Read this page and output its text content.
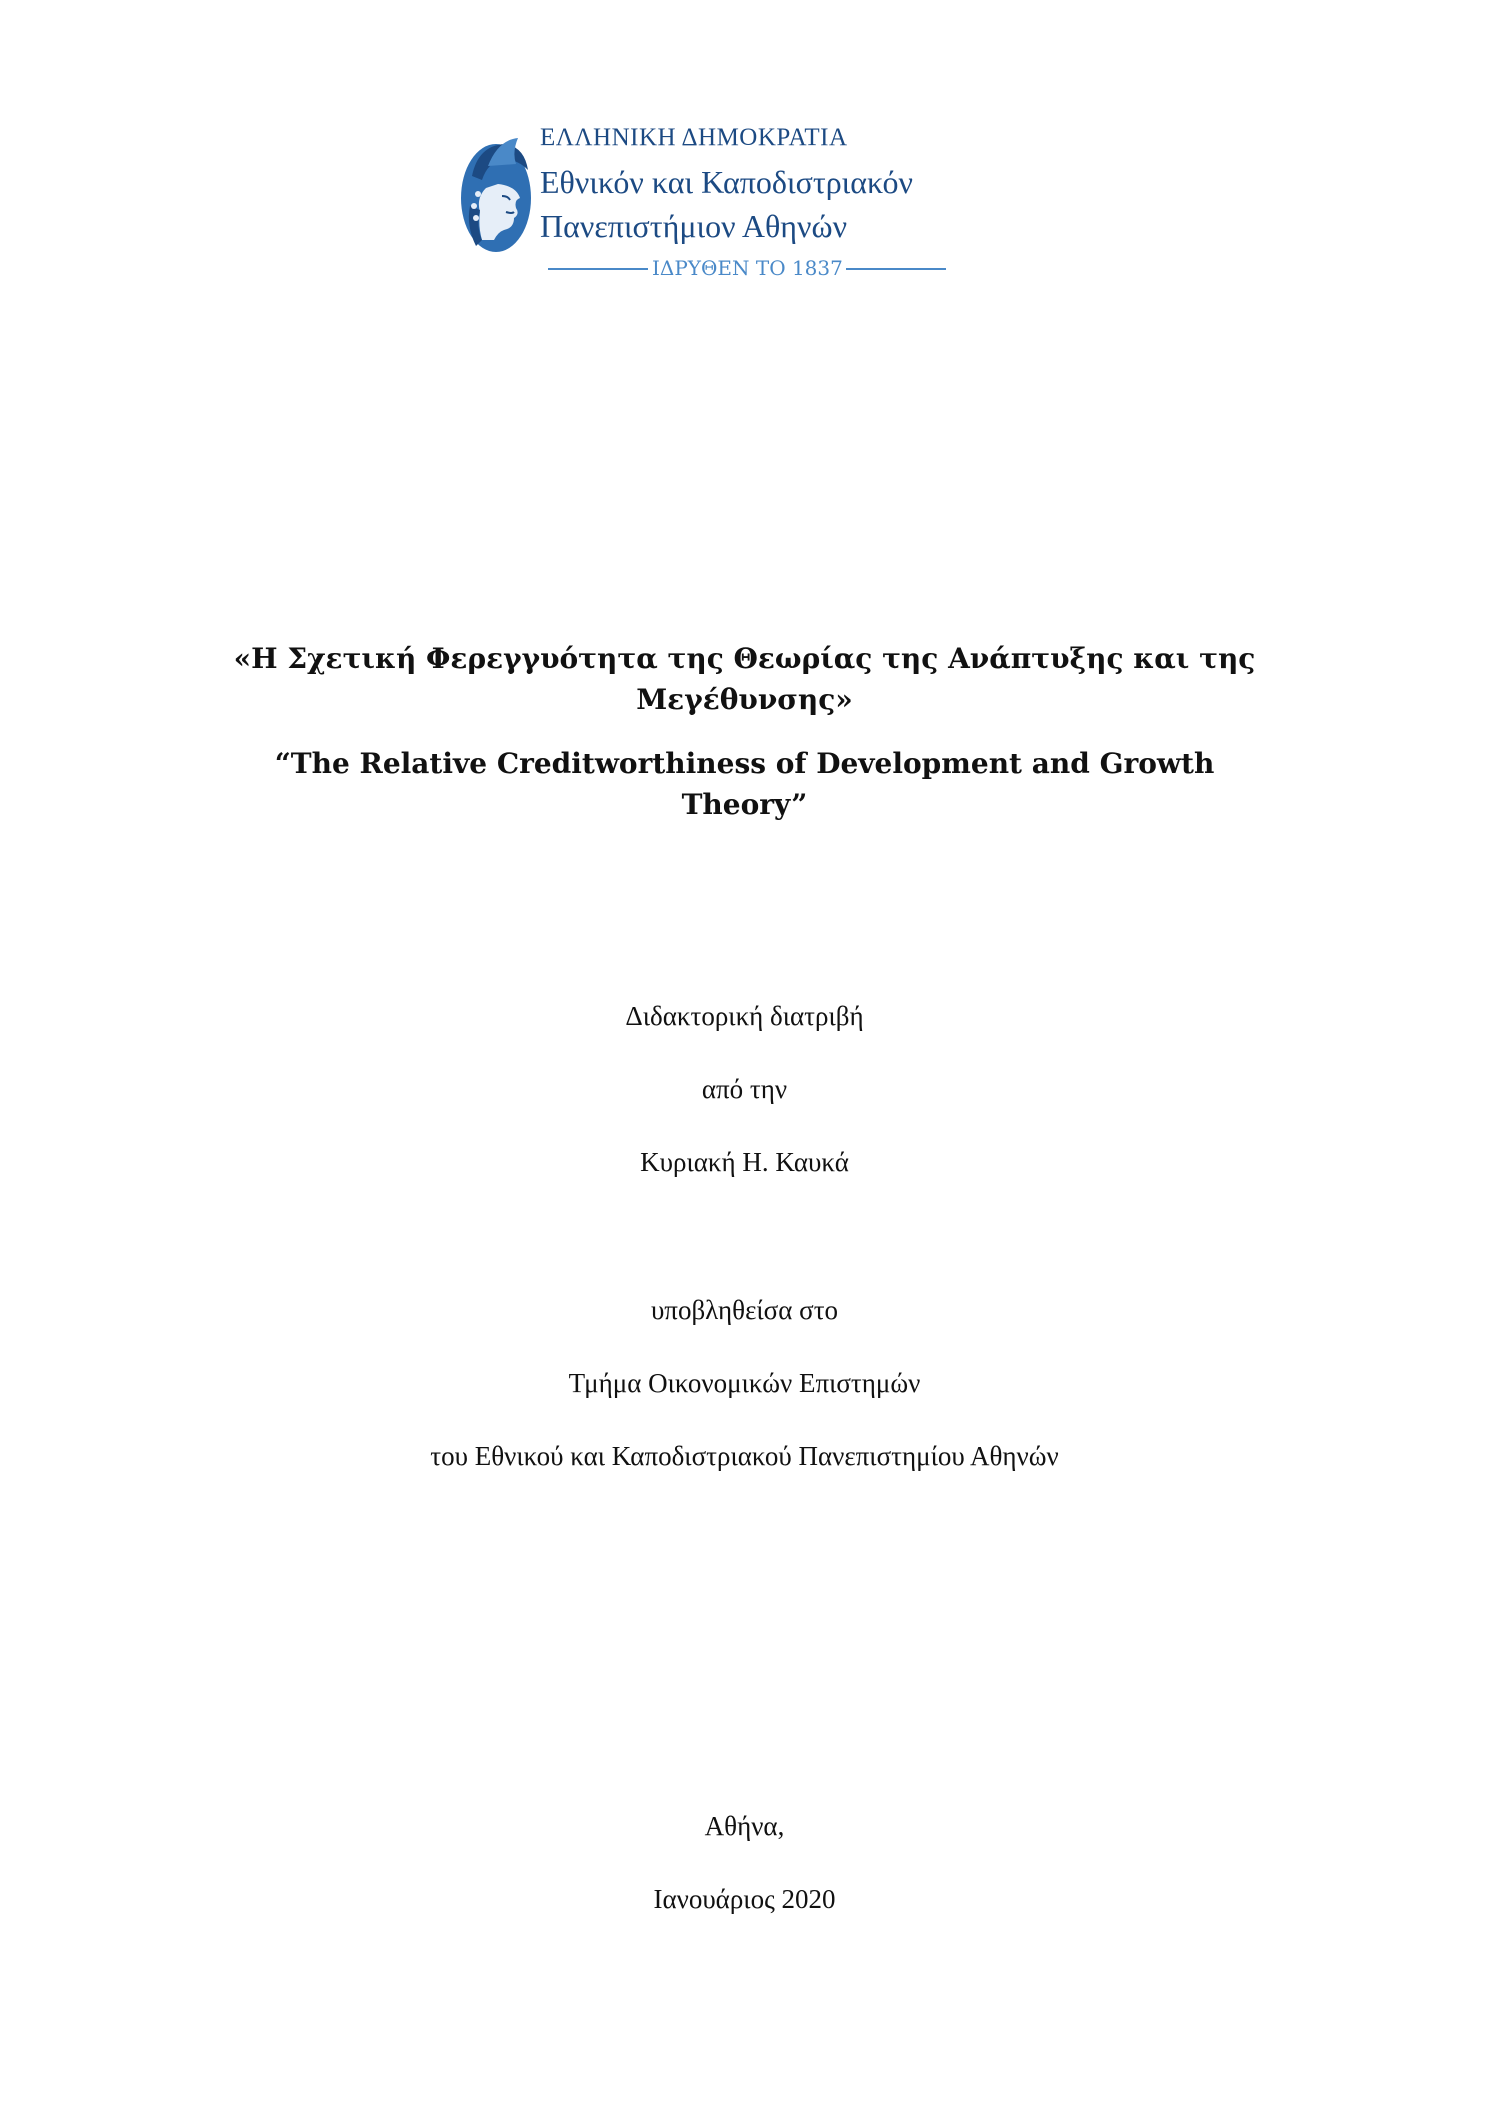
ΕΛΛΗΝΙΚΗ ΔΗΜΟΚΡΑΤΙΑ
Εθνικόν και Καποδιστριακόν
Πανεπιστήμιον Αθηνών
ΙΔΡΥΘΕΝ ΤΟ 1837
«Η Σχετική Φερεγγυότητα της Θεωρίας της Ανάπτυξης και της
Μεγέθυνσης»
“The Relative Creditworthiness of Development and Growth
Theory”
Διδακτορική διατριβή
από την
Κυριακή Η. Καυκά
υποβληθείσα στο
Τμήμα Οικονομικών Επιστημών
του Εθνικού και Καποδιστριακού Πανεπιστημίου Αθηνών
Αθήνα,
Ιανουάριος 2020
